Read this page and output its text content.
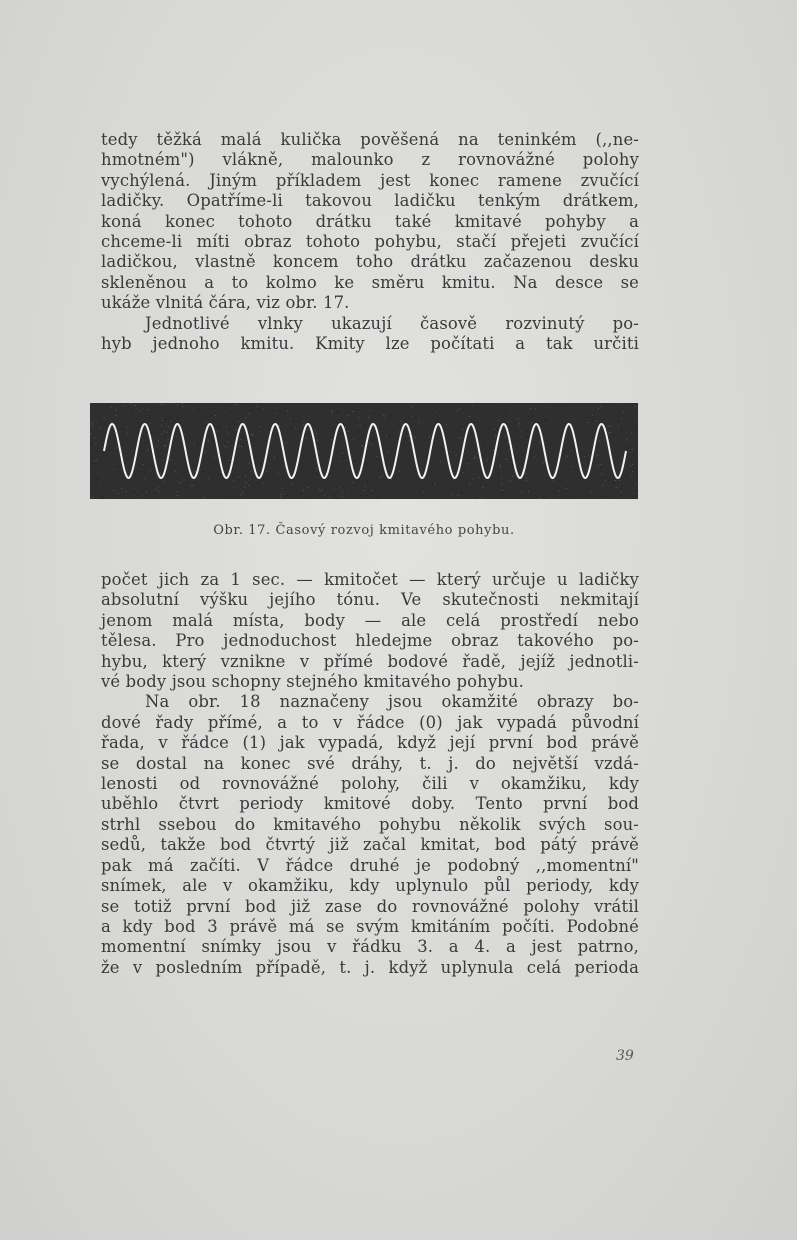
tedy těžká malá kulička pověšená na teninkém (,,ne-
hmotném") vlákně, malounko z rovnovážné polohy
vychýlená. Jiným příkladem jest konec ramene zvučící
ladičky. Opatříme-li takovou ladičku tenkým drátkem,
koná konec tohoto drátku také kmitavé pohyby a
chceme-li míti obraz tohoto pohybu, stačí přejeti zvučící
ladičkou, vlastně koncem toho drátku začazenou desku
skleněnou a to kolmo ke směru kmitu. Na desce se
ukáže vlnitá čára, viz obr. 17.
Jednotlivé vlnky ukazují časově rozvinutý po-
hyb jednoho kmitu. Kmity lze počítati a tak určiti
Obr. 17. Časový rozvoj kmitavého pohybu.
počet jich za 1 sec. — kmitočet — který určuje u ladičky
absolutní výšku jejího tónu. Ve skutečnosti nekmitají
jenom malá místa, body — ale celá prostředí nebo
tělesa. Pro jednoduchost hledejme obraz takového po-
hybu, který vznikne v přímé bodové řadě, jejíž jednotli-
vé body jsou schopny stejného kmitavého pohybu.
Na obr. 18 naznačeny jsou okamžité obrazy bo-
dové řady přímé, a to v řádce (0) jak vypadá původní
řada, v řádce (1) jak vypadá, když její první bod právě
se dostal na konec své dráhy, t. j. do největší vzdá-
lenosti od rovnovážné polohy, čili v okamžiku, kdy
uběhlo čtvrt periody kmitové doby. Tento první bod
strhl ssebou do kmitavého pohybu několik svých sou-
sedů, takže bod čtvrtý již začal kmitat, bod pátý právě
pak má začíti. V řádce druhé je podobný ,,momentní"
snímek, ale v okamžiku, kdy uplynulo půl periody, kdy
se totiž první bod již zase do rovnovážné polohy vrátil
a kdy bod 3 právě má se svým kmitáním počíti. Podobné
momentní snímky jsou v řádku 3. a 4. a jest patrno,
že v posledním případě, t. j. když uplynula celá perioda
39
